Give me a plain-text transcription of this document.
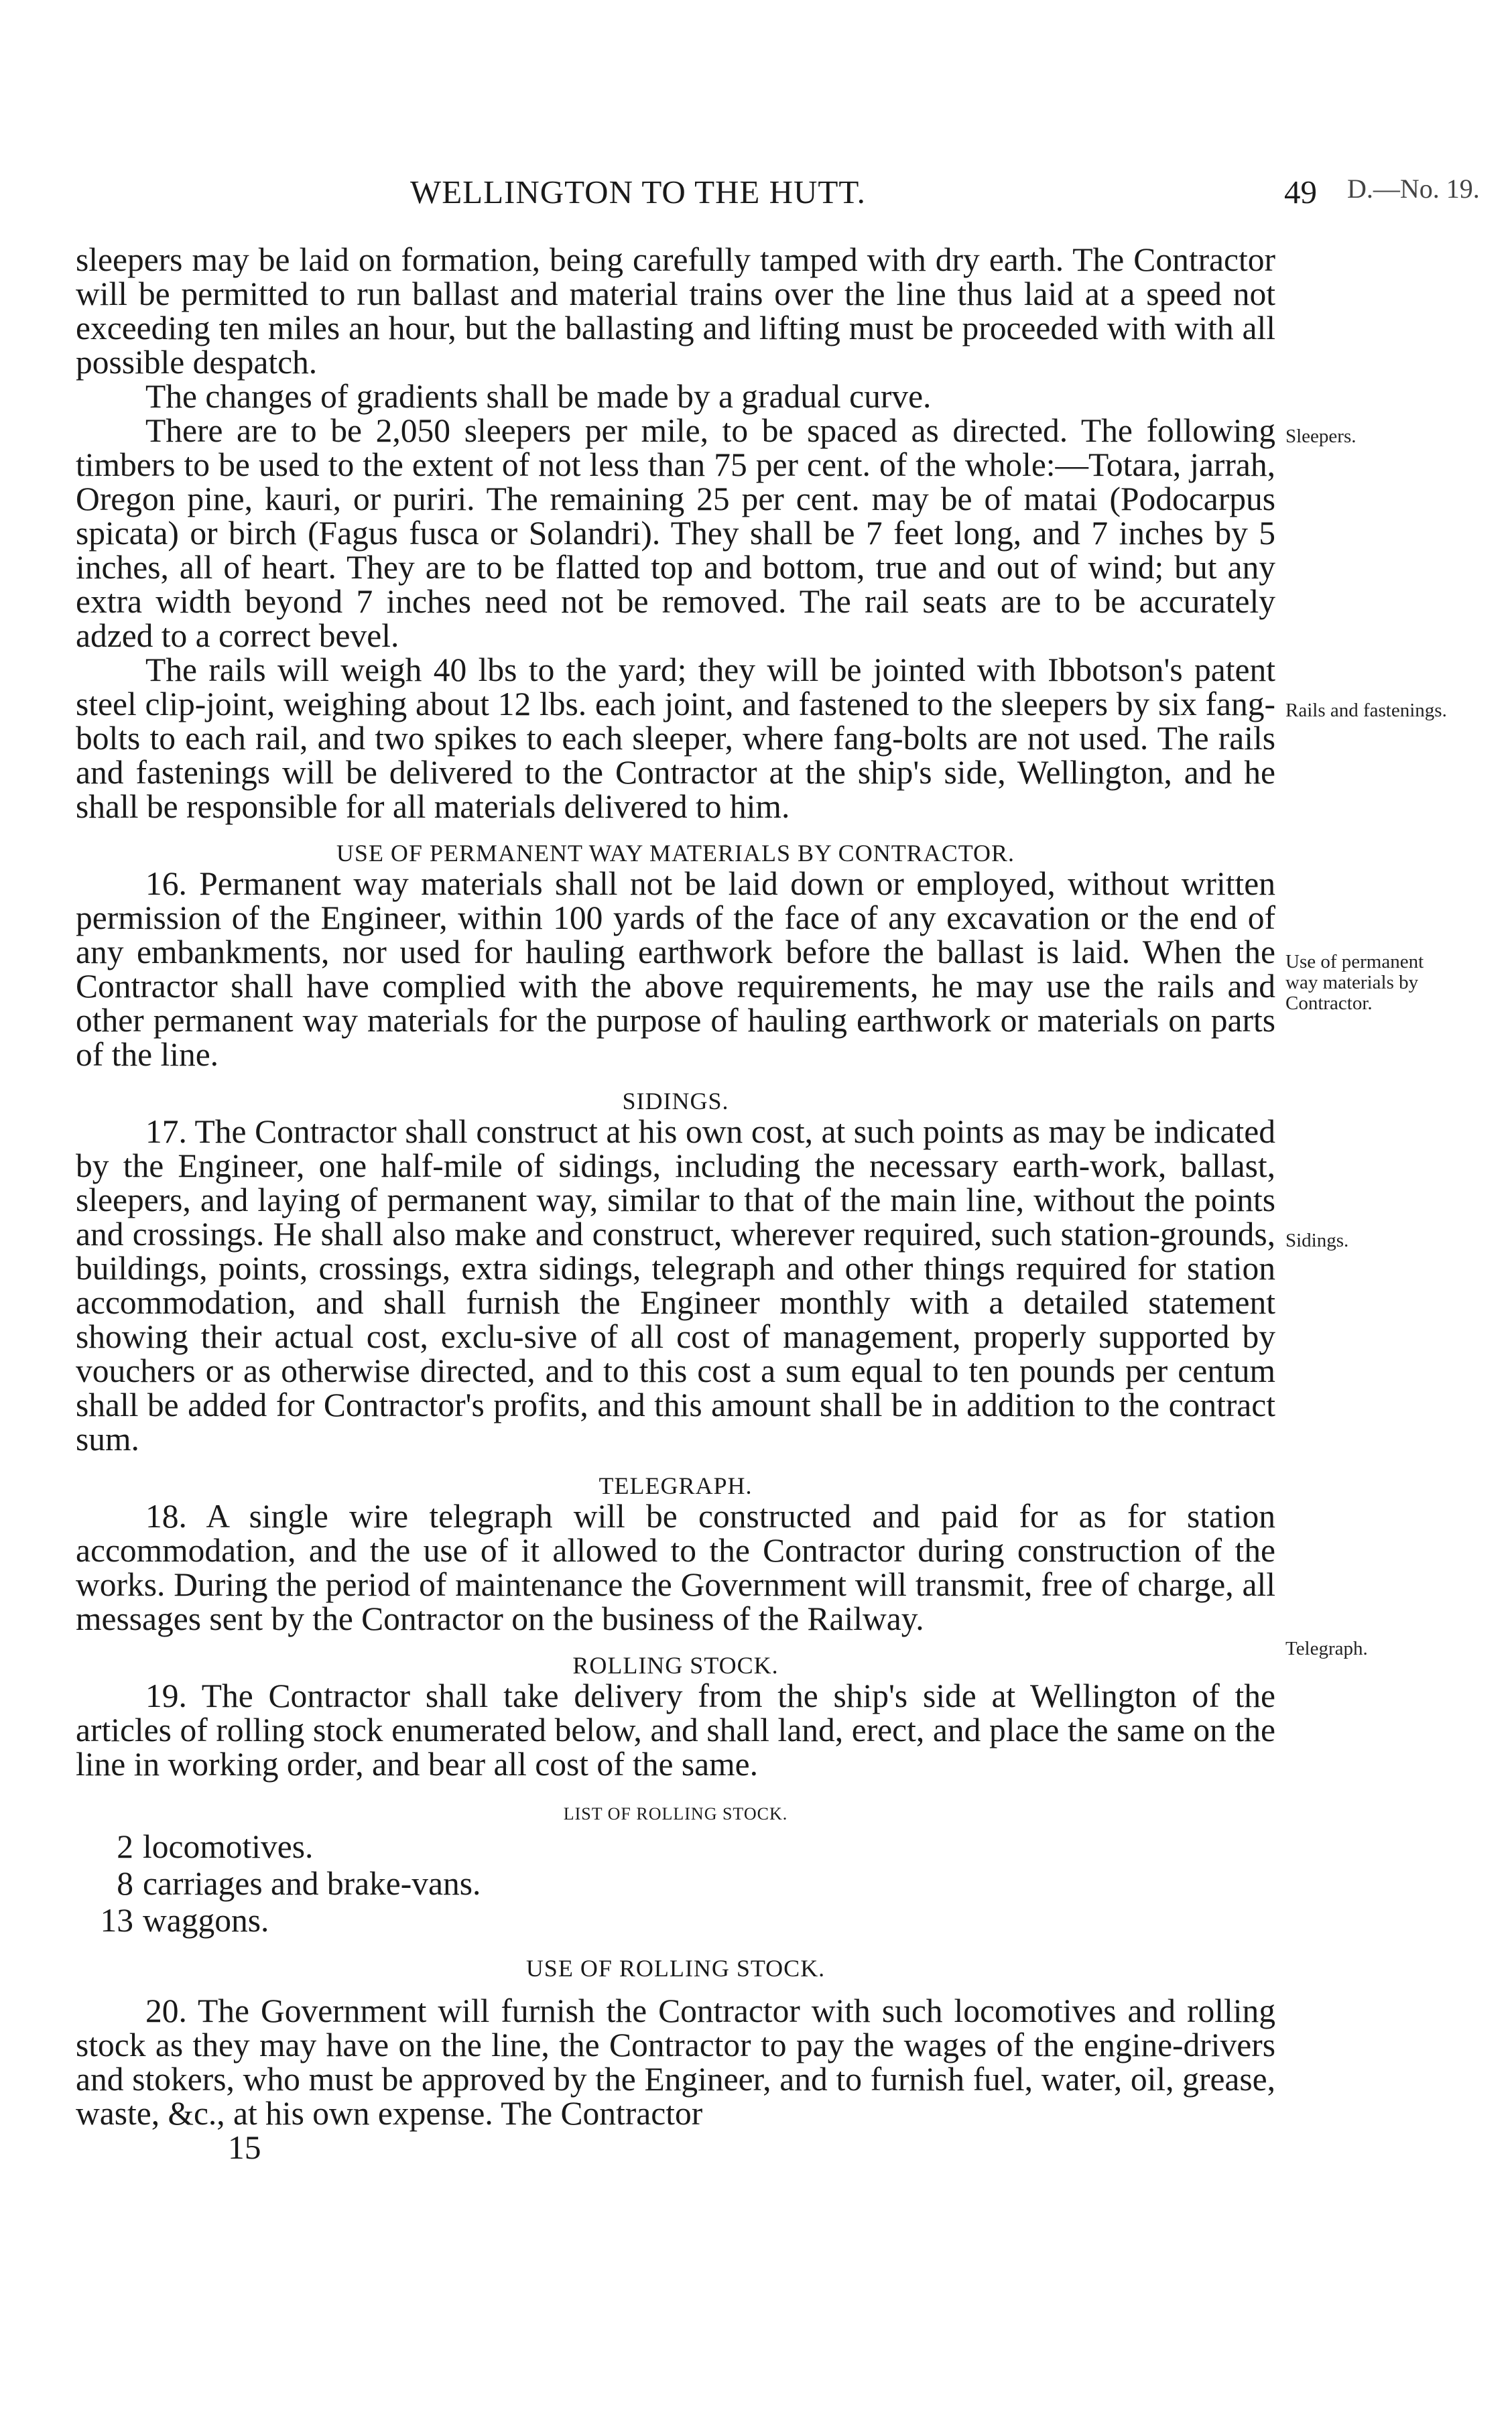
WELLINGTON TO THE HUTT.	49 D.—No. 19.

sleepers may be laid on formation, being carefully tamped with dry earth. The Contractor will be permitted to run ballast and material trains over the line thus laid at a speed not exceeding ten miles an hour, but the ballasting and lifting must be proceeded with with all possible despatch.

The changes of gradients shall be made by a gradual curve.

There are to be 2,050 sleepers per mile, to be spaced as directed. The following timbers to be used to the extent of not less than 75 per cent. of the whole:—Totara, jarrah, Oregon pine, kauri, or puriri. The remaining 25 per cent. may be of matai (Podocarpus spicata) or birch (Fagus fusca or Solandri). They shall be 7 feet long, and 7 inches by 5 inches, all of heart. They are to be flatted top and bottom, true and out of wind; but any extra width beyond 7 inches need not be removed. The rail seats are to be accurately adzed to a correct bevel.

The rails will weigh 40 lbs to the yard; they will be jointed with Ibbotson's patent steel clip-joint, weighing about 12 lbs. each joint, and fastened to the sleepers by six fang-bolts to each rail, and two spikes to each sleeper, where fang-bolts are not used. The rails and fastenings will be delivered to the Contractor at the ship's side, Wellington, and he shall be responsible for all materials delivered to him.

USE OF PERMANENT WAY MATERIALS BY CONTRACTOR.

16. Permanent way materials shall not be laid down or employed, without written permission of the Engineer, within 100 yards of the face of any excavation or the end of any embankments, nor used for hauling earthwork before the ballast is laid. When the Contractor shall have complied with the above requirements, he may use the rails and other permanent way materials for the purpose of hauling earthwork or materials on parts of the line.

SIDINGS.

17. The Contractor shall construct at his own cost, at such points as may be indicated by the Engineer, one half-mile of sidings, including the necessary earth-work, ballast, sleepers, and laying of permanent way, similar to that of the main line, without the points and crossings. He shall also make and construct, wherever required, such station-grounds, buildings, points, crossings, extra sidings, telegraph and other things required for station accommodation, and shall furnish the Engineer monthly with a detailed statement showing their actual cost, exclu-sive of all cost of management, properly supported by vouchers or as otherwise directed, and to this cost a sum equal to ten pounds per centum shall be added for Contractor's profits, and this amount shall be in addition to the contract sum.

TELEGRAPH.

18. A single wire telegraph will be constructed and paid for as for station accommodation, and the use of it allowed to the Contractor during construction of the works. During the period of maintenance the Government will transmit, free of charge, all messages sent by the Contractor on the business of the Railway.

ROLLING STOCK.

19. The Contractor shall take delivery from the ship's side at Wellington of the articles of rolling stock enumerated below, and shall land, erect, and place the same on the line in working order, and bear all cost of the same.

LIST OF ROLLING STOCK.
2 locomotives.
8 carriages and brake-vans.
13 waggons.
USE OF ROLLING STOCK.

20. The Government will furnish the Contractor with such locomotives and rolling stock as they may have on the line, the Contractor to pay the wages of the engine-drivers and stokers, who must be approved by the Engineer, and to furnish fuel, water, oil, grease, waste, &c., at his own expense. The Contractor

15
Sleepers.
Rails and fastenings.
Use of permanent way materials by Contractor.
Sidings.
Telegraph.
